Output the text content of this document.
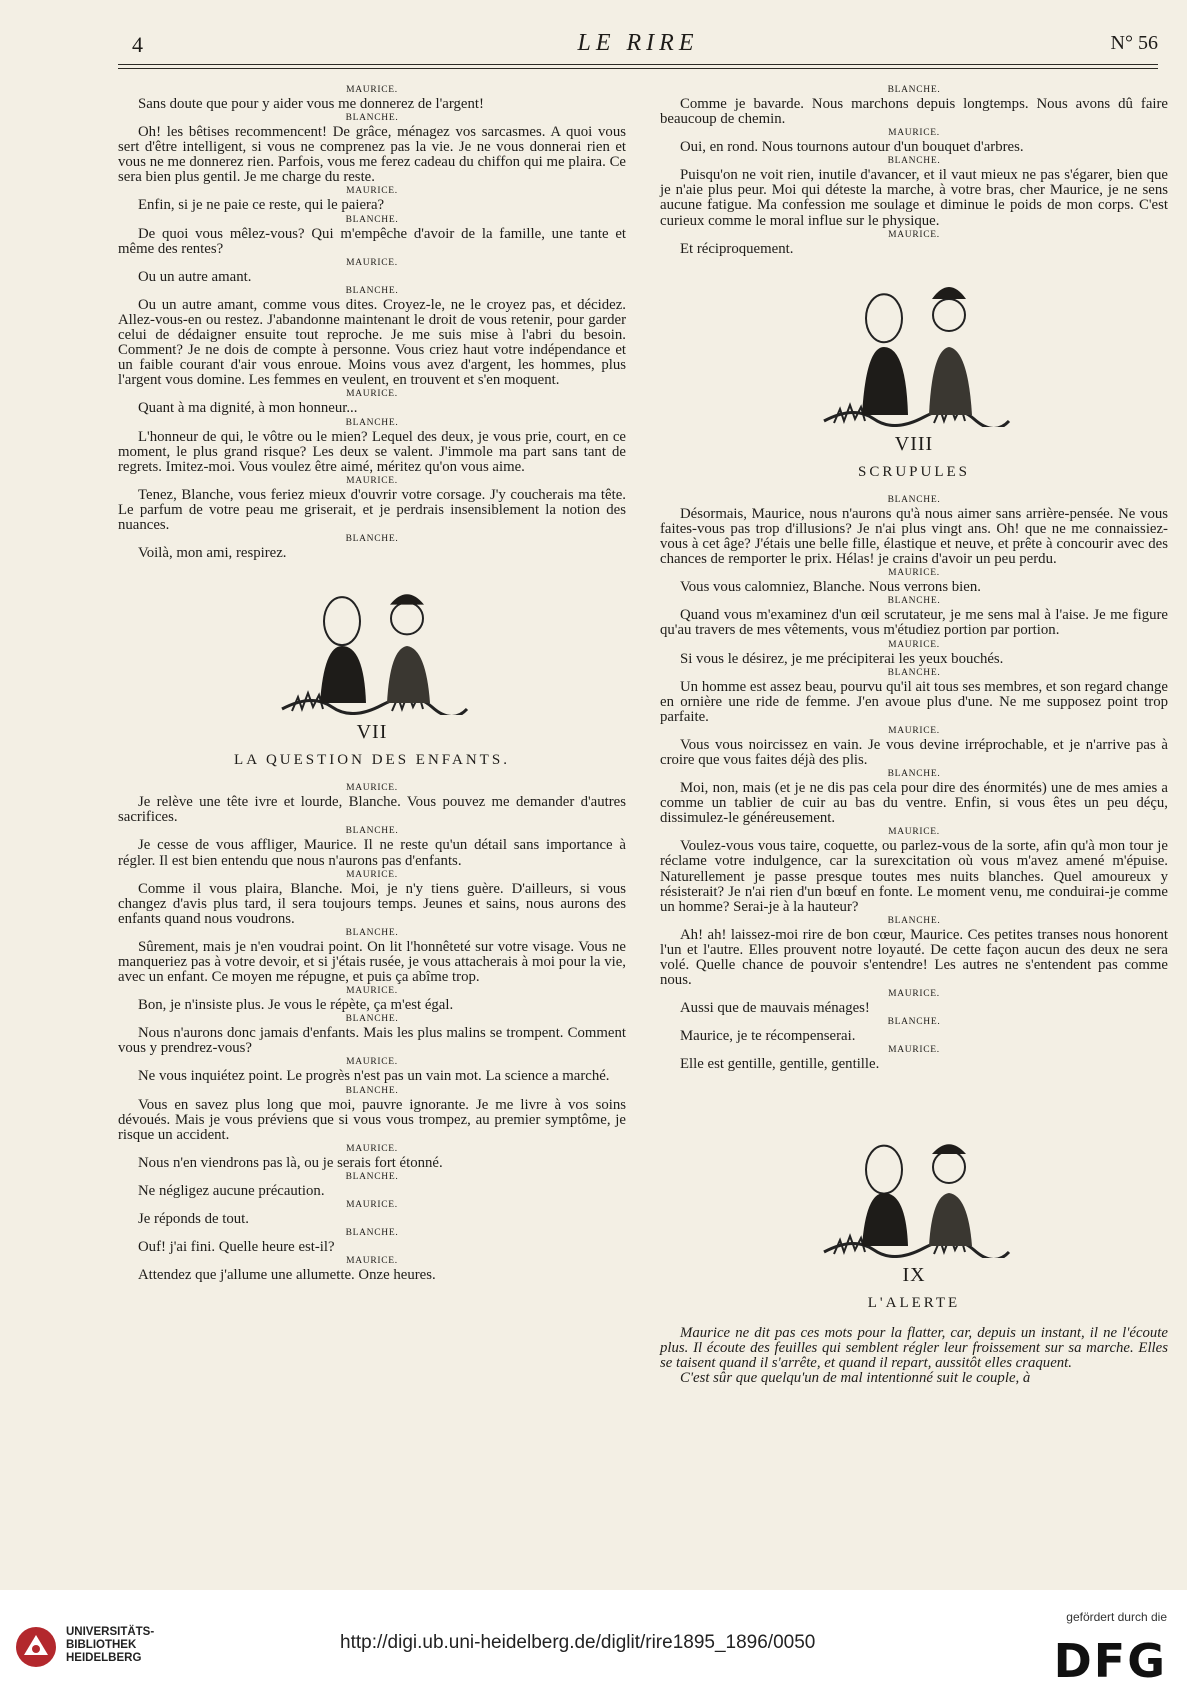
4	LE RIRE	N° 56
MAURICE.
Sans doute que pour y aider vous me donnerez de l'argent!
BLANCHE.
Oh! les bêtises recommencent! De grâce, ménagez vos sarcasmes. A quoi vous sert d'être intelligent, si vous ne comprenez pas la vie. Je ne vous donnerai rien et vous ne me donnerez rien. Parfois, vous me ferez cadeau du chiffon qui me plaira. Ce sera bien plus gentil. Je me charge du reste.
MAURICE.
Enfin, si je ne paie ce reste, qui le paiera?
BLANCHE.
De quoi vous mêlez-vous? Qui m'empêche d'avoir de la famille, une tante et même des rentes?
MAURICE.
Ou un autre amant.
BLANCHE.
Ou un autre amant, comme vous dites. Croyez-le, ne le croyez pas, et décidez. Allez-vous-en ou restez. J'abandonne maintenant le droit de vous retenir, pour garder celui de dédaigner ensuite tout reproche. Je me suis mise à l'abri du besoin. Comment? Je ne dois de compte à personne. Vous criez haut votre indépendance et un faible courant d'air vous enroue. Moins vous avez d'argent, les hommes, plus l'argent vous domine. Les femmes en veulent, en trouvent et s'en moquent.
MAURICE.
Quant à ma dignité, à mon honneur...
BLANCHE.
L'honneur de qui, le vôtre ou le mien? Lequel des deux, je vous prie, court, en ce moment, le plus grand risque? Les deux se valent. J'immole ma part sans tant de regrets. Imitez-moi. Vous voulez être aimé, méritez qu'on vous aime.
MAURICE.
Tenez, Blanche, vous feriez mieux d'ouvrir votre corsage. J'y coucherais ma tête. Le parfum de votre peau me griserait, et je perdrais insensiblement la notion des nuances.
BLANCHE.
Voilà, mon ami, respirez.
VII
LA QUESTION DES ENFANTS.
MAURICE.
Je relève une tête ivre et lourde, Blanche. Vous pouvez me demander d'autres sacrifices.
BLANCHE.
Je cesse de vous affliger, Maurice. Il ne reste qu'un détail sans importance à régler. Il est bien entendu que nous n'aurons pas d'enfants.
MAURICE.
Comme il vous plaira, Blanche. Moi, je n'y tiens guère. D'ailleurs, si vous changez d'avis plus tard, il sera toujours temps. Jeunes et sains, nous aurons des enfants quand nous voudrons.
BLANCHE.
Sûrement, mais je n'en voudrai point. On lit l'honnêteté sur votre visage. Vous ne manqueriez pas à votre devoir, et si j'étais rusée, je vous attacherais à moi pour la vie, avec un enfant. Ce moyen me répugne, et puis ça abîme trop.
MAURICE.
Bon, je n'insiste plus. Je vous le répète, ça m'est égal.
BLANCHE.
Nous n'aurons donc jamais d'enfants. Mais les plus malins se trompent. Comment vous y prendrez-vous?
MAURICE.
Ne vous inquiétez point. Le progrès n'est pas un vain mot. La science a marché.
BLANCHE.
Vous en savez plus long que moi, pauvre ignorante. Je me livre à vos soins dévoués. Mais je vous préviens que si vous vous trompez, au premier symptôme, je risque un accident.
MAURICE.
Nous n'en viendrons pas là, ou je serais fort étonné.
BLANCHE.
Ne négligez aucune précaution.
MAURICE.
Je réponds de tout.
BLANCHE.
Ouf! j'ai fini. Quelle heure est-il?
MAURICE.
Attendez que j'allume une allumette. Onze heures.
BLANCHE.
Comme je bavarde. Nous marchons depuis longtemps. Nous avons dû faire beaucoup de chemin.
MAURICE.
Oui, en rond. Nous tournons autour d'un bouquet d'arbres.
BLANCHE.
Puisqu'on ne voit rien, inutile d'avancer, et il vaut mieux ne pas s'égarer, bien que je n'aie plus peur. Moi qui déteste la marche, à votre bras, cher Maurice, je ne sens aucune fatigue. Ma confession me soulage et diminue le poids de mon corps. C'est curieux comme le moral influe sur le physique.
MAURICE.
Et réciproquement.
VIII
SCRUPULES
BLANCHE.
Désormais, Maurice, nous n'aurons qu'à nous aimer sans arrière-pensée. Ne vous faites-vous pas trop d'illusions? Je n'ai plus vingt ans. Oh! que ne me connaissiez-vous à cet âge? J'étais une belle fille, élastique et neuve, et prête à concourir avec des chances de remporter le prix. Hélas! je crains d'avoir un peu perdu.
MAURICE.
Vous vous calomniez, Blanche. Nous verrons bien.
BLANCHE.
Quand vous m'examinez d'un œil scrutateur, je me sens mal à l'aise. Je me figure qu'au travers de mes vêtements, vous m'étudiez portion par portion.
MAURICE.
Si vous le désirez, je me précipiterai les yeux bouchés.
BLANCHE.
Un homme est assez beau, pourvu qu'il ait tous ses membres, et son regard change en ornière une ride de femme. J'en avoue plus d'une. Ne me supposez point trop parfaite.
MAURICE.
Vous vous noircissez en vain. Je vous devine irréprochable, et je n'arrive pas à croire que vous faites déjà des plis.
BLANCHE.
Moi, non, mais (et je ne dis pas cela pour dire des énormités) une de mes amies a comme un tablier de cuir au bas du ventre. Enfin, si vous êtes un peu déçu, dissimulez-le généreusement.
MAURICE.
Voulez-vous vous taire, coquette, ou parlez-vous de la sorte, afin qu'à mon tour je réclame votre indulgence, car la surexcitation où vous m'avez amené m'épuise. Naturellement je passe presque toutes mes nuits blanches. Quel amoureux y résisterait? Je n'ai rien d'un bœuf en fonte. Le moment venu, me conduirai-je comme un homme? Serai-je à la hauteur?
BLANCHE.
Ah! ah! laissez-moi rire de bon cœur, Maurice. Ces petites transes nous honorent l'un et l'autre. Elles prouvent notre loyauté. De cette façon aucun des deux ne sera volé. Quelle chance de pouvoir s'entendre! Les autres ne s'entendent pas comme nous.
MAURICE.
Aussi que de mauvais ménages!
BLANCHE.
Maurice, je te récompenserai.
MAURICE.
Elle est gentille, gentille, gentille.
IX
L'ALERTE
Maurice ne dit pas ces mots pour la flatter, car, depuis un instant, il ne l'écoute plus. Il écoute des feuilles qui semblent régler leur froissement sur sa marche. Elles se taisent quand il s'arrête, et quand il repart, aussitôt elles craquent.
C'est sûr que quelqu'un de mal intentionné suit le couple, à
UNIVERSITÄTS-
BIBLIOTHEK
HEIDELBERG
http://digi.ub.uni-heidelberg.de/diglit/rire1895_1896/0050
gefördert durch die
DFG
